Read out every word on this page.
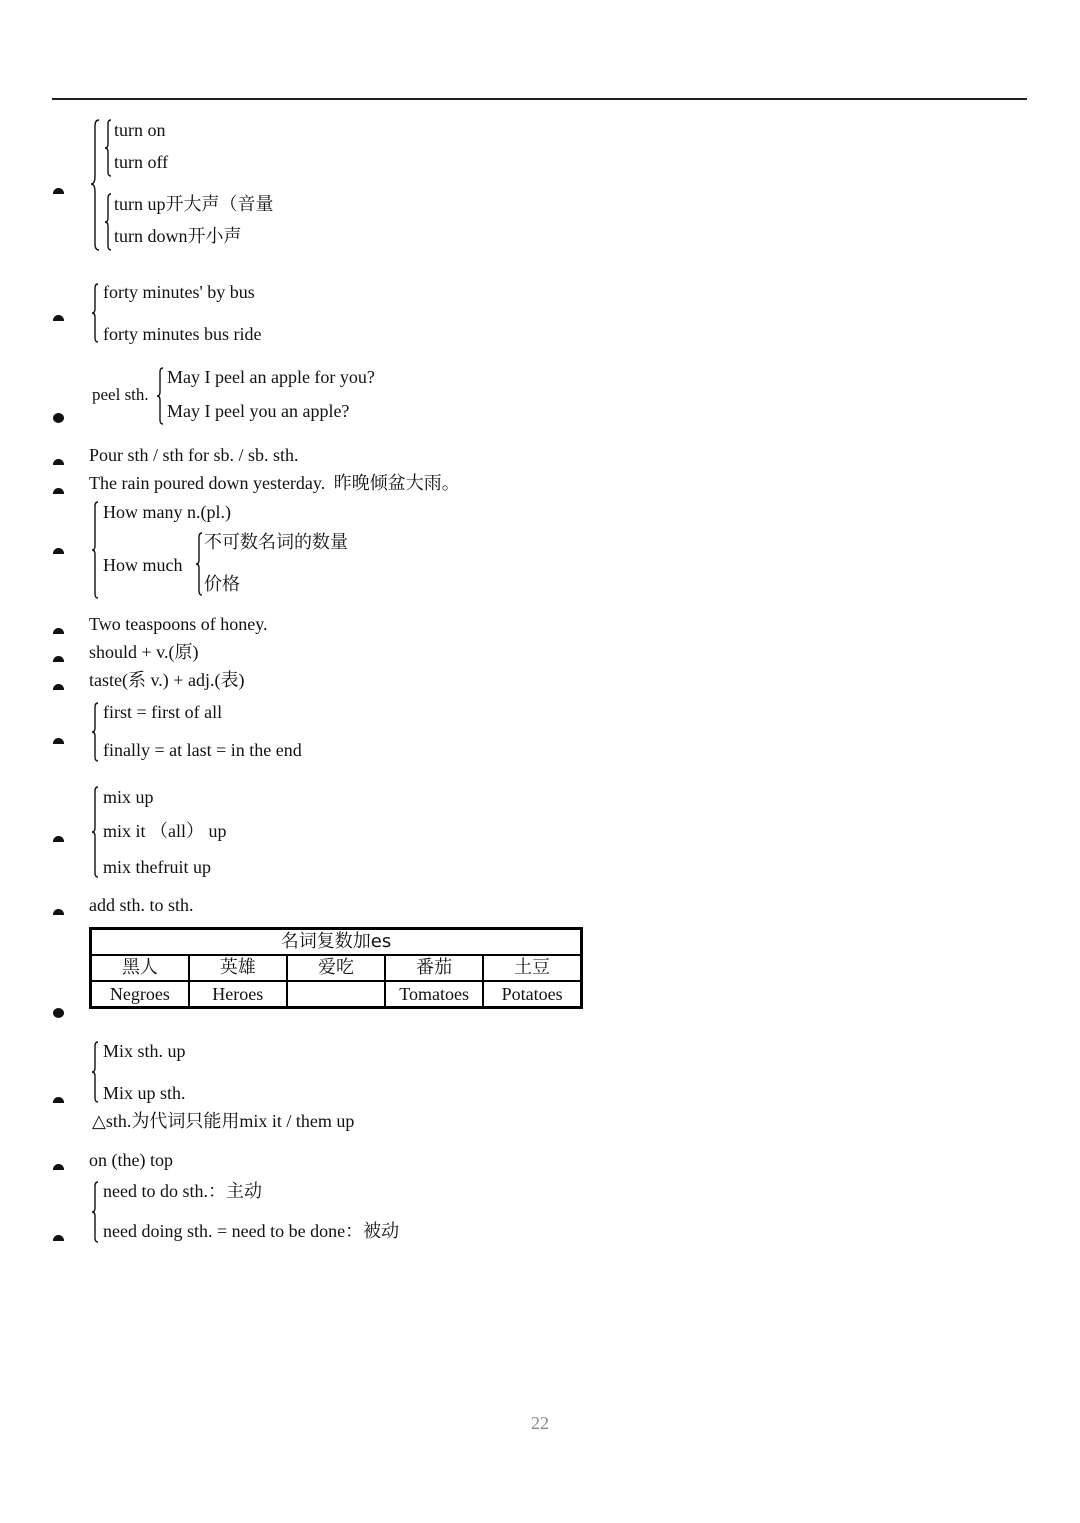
turn on
turn off
turn up开大声（音量
turn down开小声
forty minutes' by bus
forty minutes bus ride
peel sth.
May I peel an apple for you?
May I peel you an apple?
Pour sth / sth for sb. / sb. sth.
The rain poured down yesterday. 昨晚倾盆大雨。
How many n.(pl.)
How much
不可数名词的数量
价格
Two teaspoons of honey.
should + v.(原)
taste(系 v.) + adj.(表)
first = first of all
finally = at last = in the end
mix up
mix it （all） up
mix thefruit up
add sth. to sth.
名词复数加es				
黑人	英雄	爱吃	番茄	土豆
Negroes	Heroes		Tomatoes	Potatoes
Mix sth. up
Mix up sth.
△sth.为代词只能用mix it / them up
on (the) top
need to do sth.：主动
need doing sth. = need to be done：被动
22
